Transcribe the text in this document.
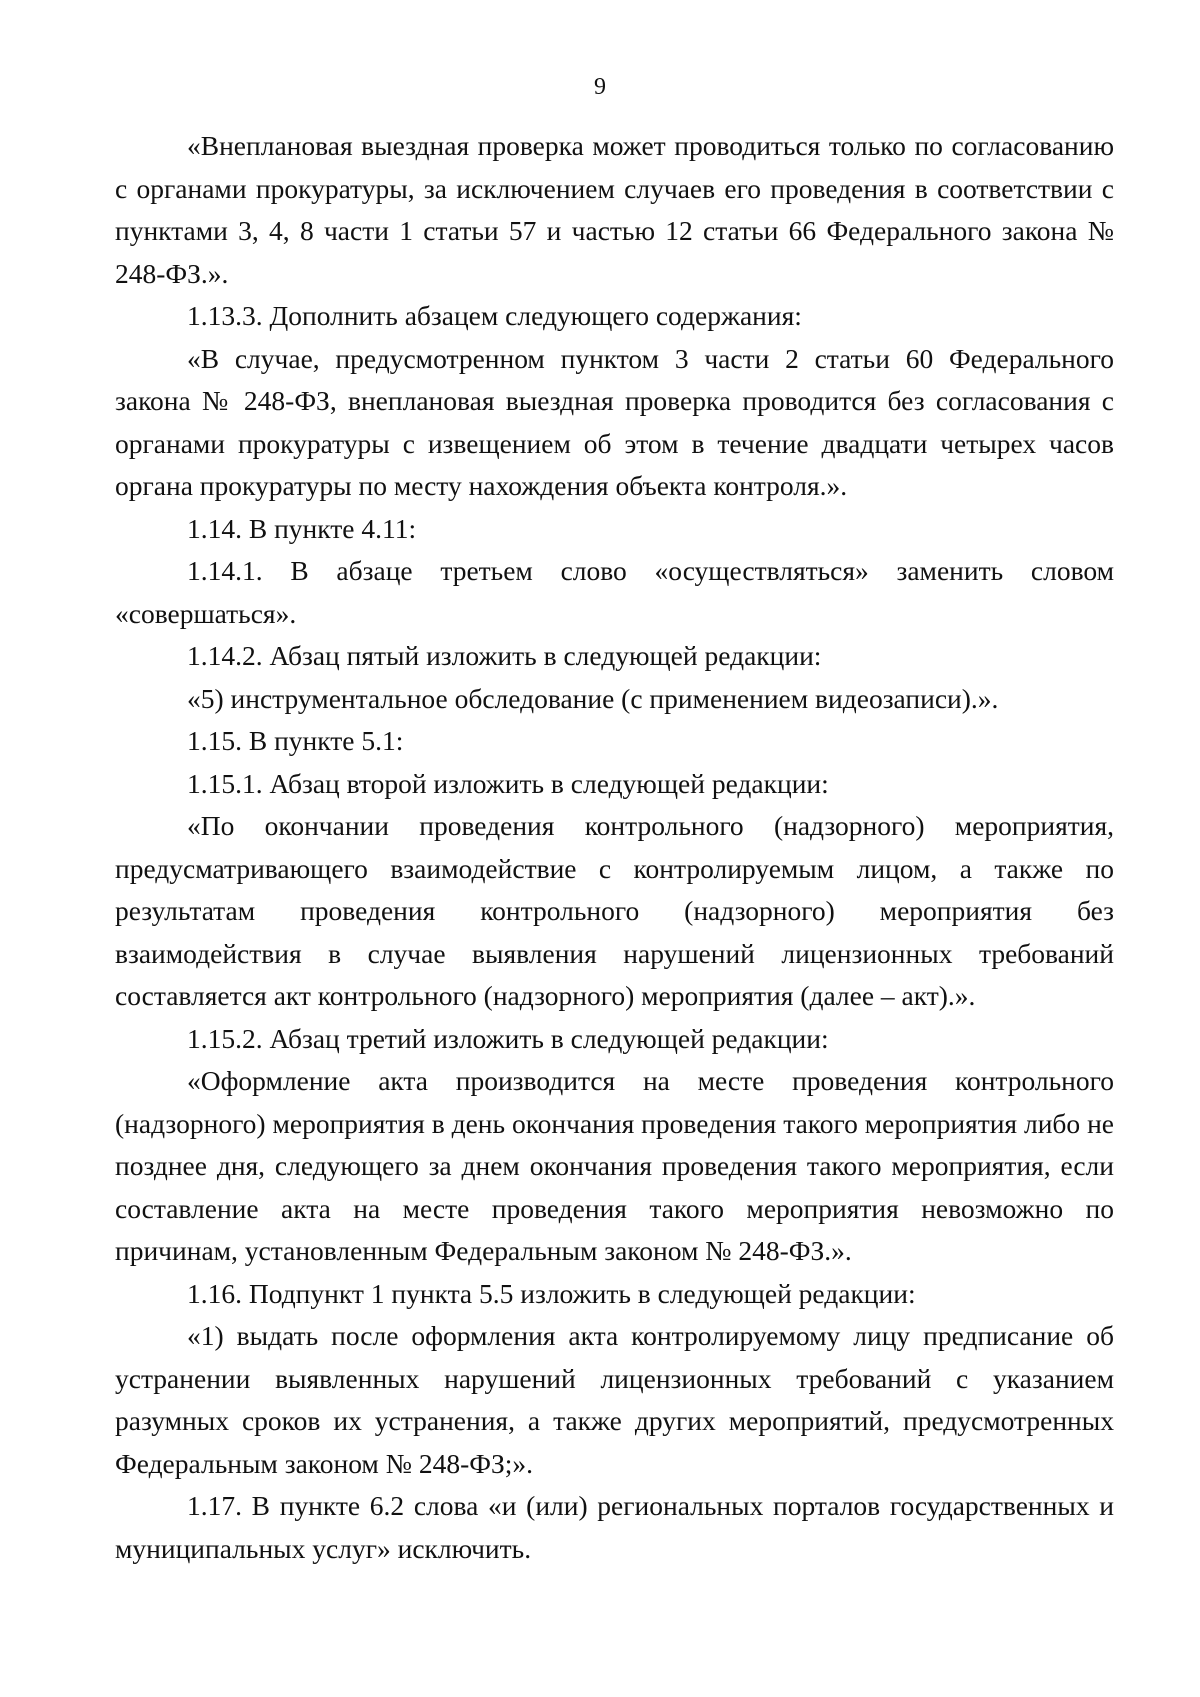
9

«Внеплановая выездная проверка может проводиться только по согласованию с органами прокуратуры, за исключением случаев его проведения в соответствии с пунктами 3, 4, 8 части 1 статьи 57 и частью 12 статьи 66 Федерального закона № 248-ФЗ.».

1.13.3. Дополнить абзацем следующего содержания:

«В случае, предусмотренном пунктом 3 части 2 статьи 60 Федерального закона № 248-ФЗ, внеплановая выездная проверка проводится без согласования с органами прокуратуры с извещением об этом в течение двадцати четырех часов органа прокуратуры по месту нахождения объекта контроля.».

1.14. В пункте 4.11:

1.14.1. В абзаце третьем слово «осуществляться» заменить словом «совершаться».

1.14.2. Абзац пятый изложить в следующей редакции:

«5) инструментальное обследование (с применением видеозаписи).».

1.15. В пункте 5.1:

1.15.1. Абзац второй изложить в следующей редакции:

«По окончании проведения контрольного (надзорного) мероприятия, предусматривающего взаимодействие с контролируемым лицом, а также по результатам проведения контрольного (надзорного) мероприятия без взаимодействия в случае выявления нарушений лицензионных требований составляется акт контрольного (надзорного) мероприятия (далее – акт).».

1.15.2. Абзац третий изложить в следующей редакции:

«Оформление акта производится на месте проведения контрольного (надзорного) мероприятия в день окончания проведения такого мероприятия либо не позднее дня, следующего за днем окончания проведения такого мероприятия, если составление акта на месте проведения такого мероприятия невозможно по причинам, установленным Федеральным законом № 248-ФЗ.».

1.16. Подпункт 1 пункта 5.5 изложить в следующей редакции:

«1) выдать после оформления акта контролируемому лицу предписание об устранении выявленных нарушений лицензионных требований с указанием разумных сроков их устранения, а также других мероприятий, предусмотренных Федеральным законом № 248-ФЗ;».

1.17. В пункте 6.2 слова «и (или) региональных порталов государственных и муниципальных услуг» исключить.
